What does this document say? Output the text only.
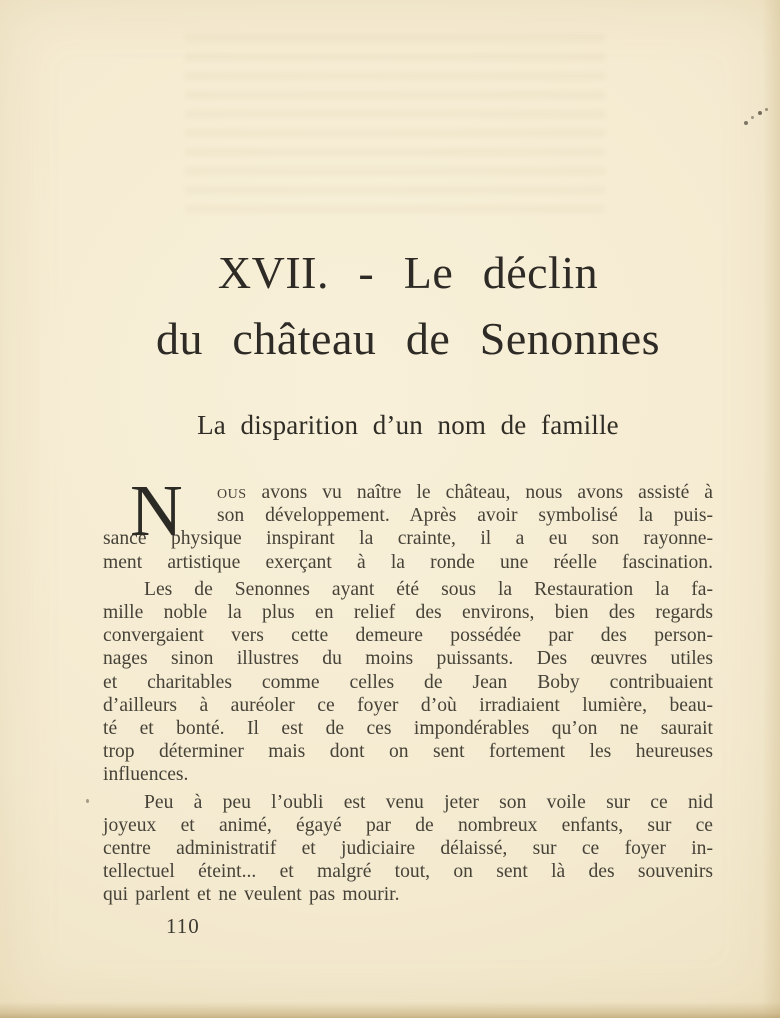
XVII. - Le déclin
du château de Senonnes
La disparition d’un nom de famille
N	ous avons vu naître le château, nous avons assisté à
son développement. Après avoir symbolisé la puis-
sance physique inspirant la crainte, il a eu son rayonne-
ment artistique exerçant à la ronde une réelle fascination.
Les de Senonnes ayant été sous la Restauration la fa-
mille noble la plus en relief des environs, bien des regards
convergaient vers cette demeure possédée par des person-
nages sinon illustres du moins puissants. Des œuvres utiles
et charitables comme celles de Jean Boby contribuaient
d’ailleurs à auréoler ce foyer d’où irradiaient lumière, beau-
té et bonté. Il est de ces impondérables qu’on ne saurait
trop déterminer mais dont on sent fortement les heureuses
influences.
Peu à peu l’oubli est venu jeter son voile sur ce nid
joyeux et animé, égayé par de nombreux enfants, sur ce
centre administratif et judiciaire délaissé, sur ce foyer in-
tellectuel éteint... et malgré tout, on sent là des souvenirs
qui parlent et ne veulent pas mourir.
110
